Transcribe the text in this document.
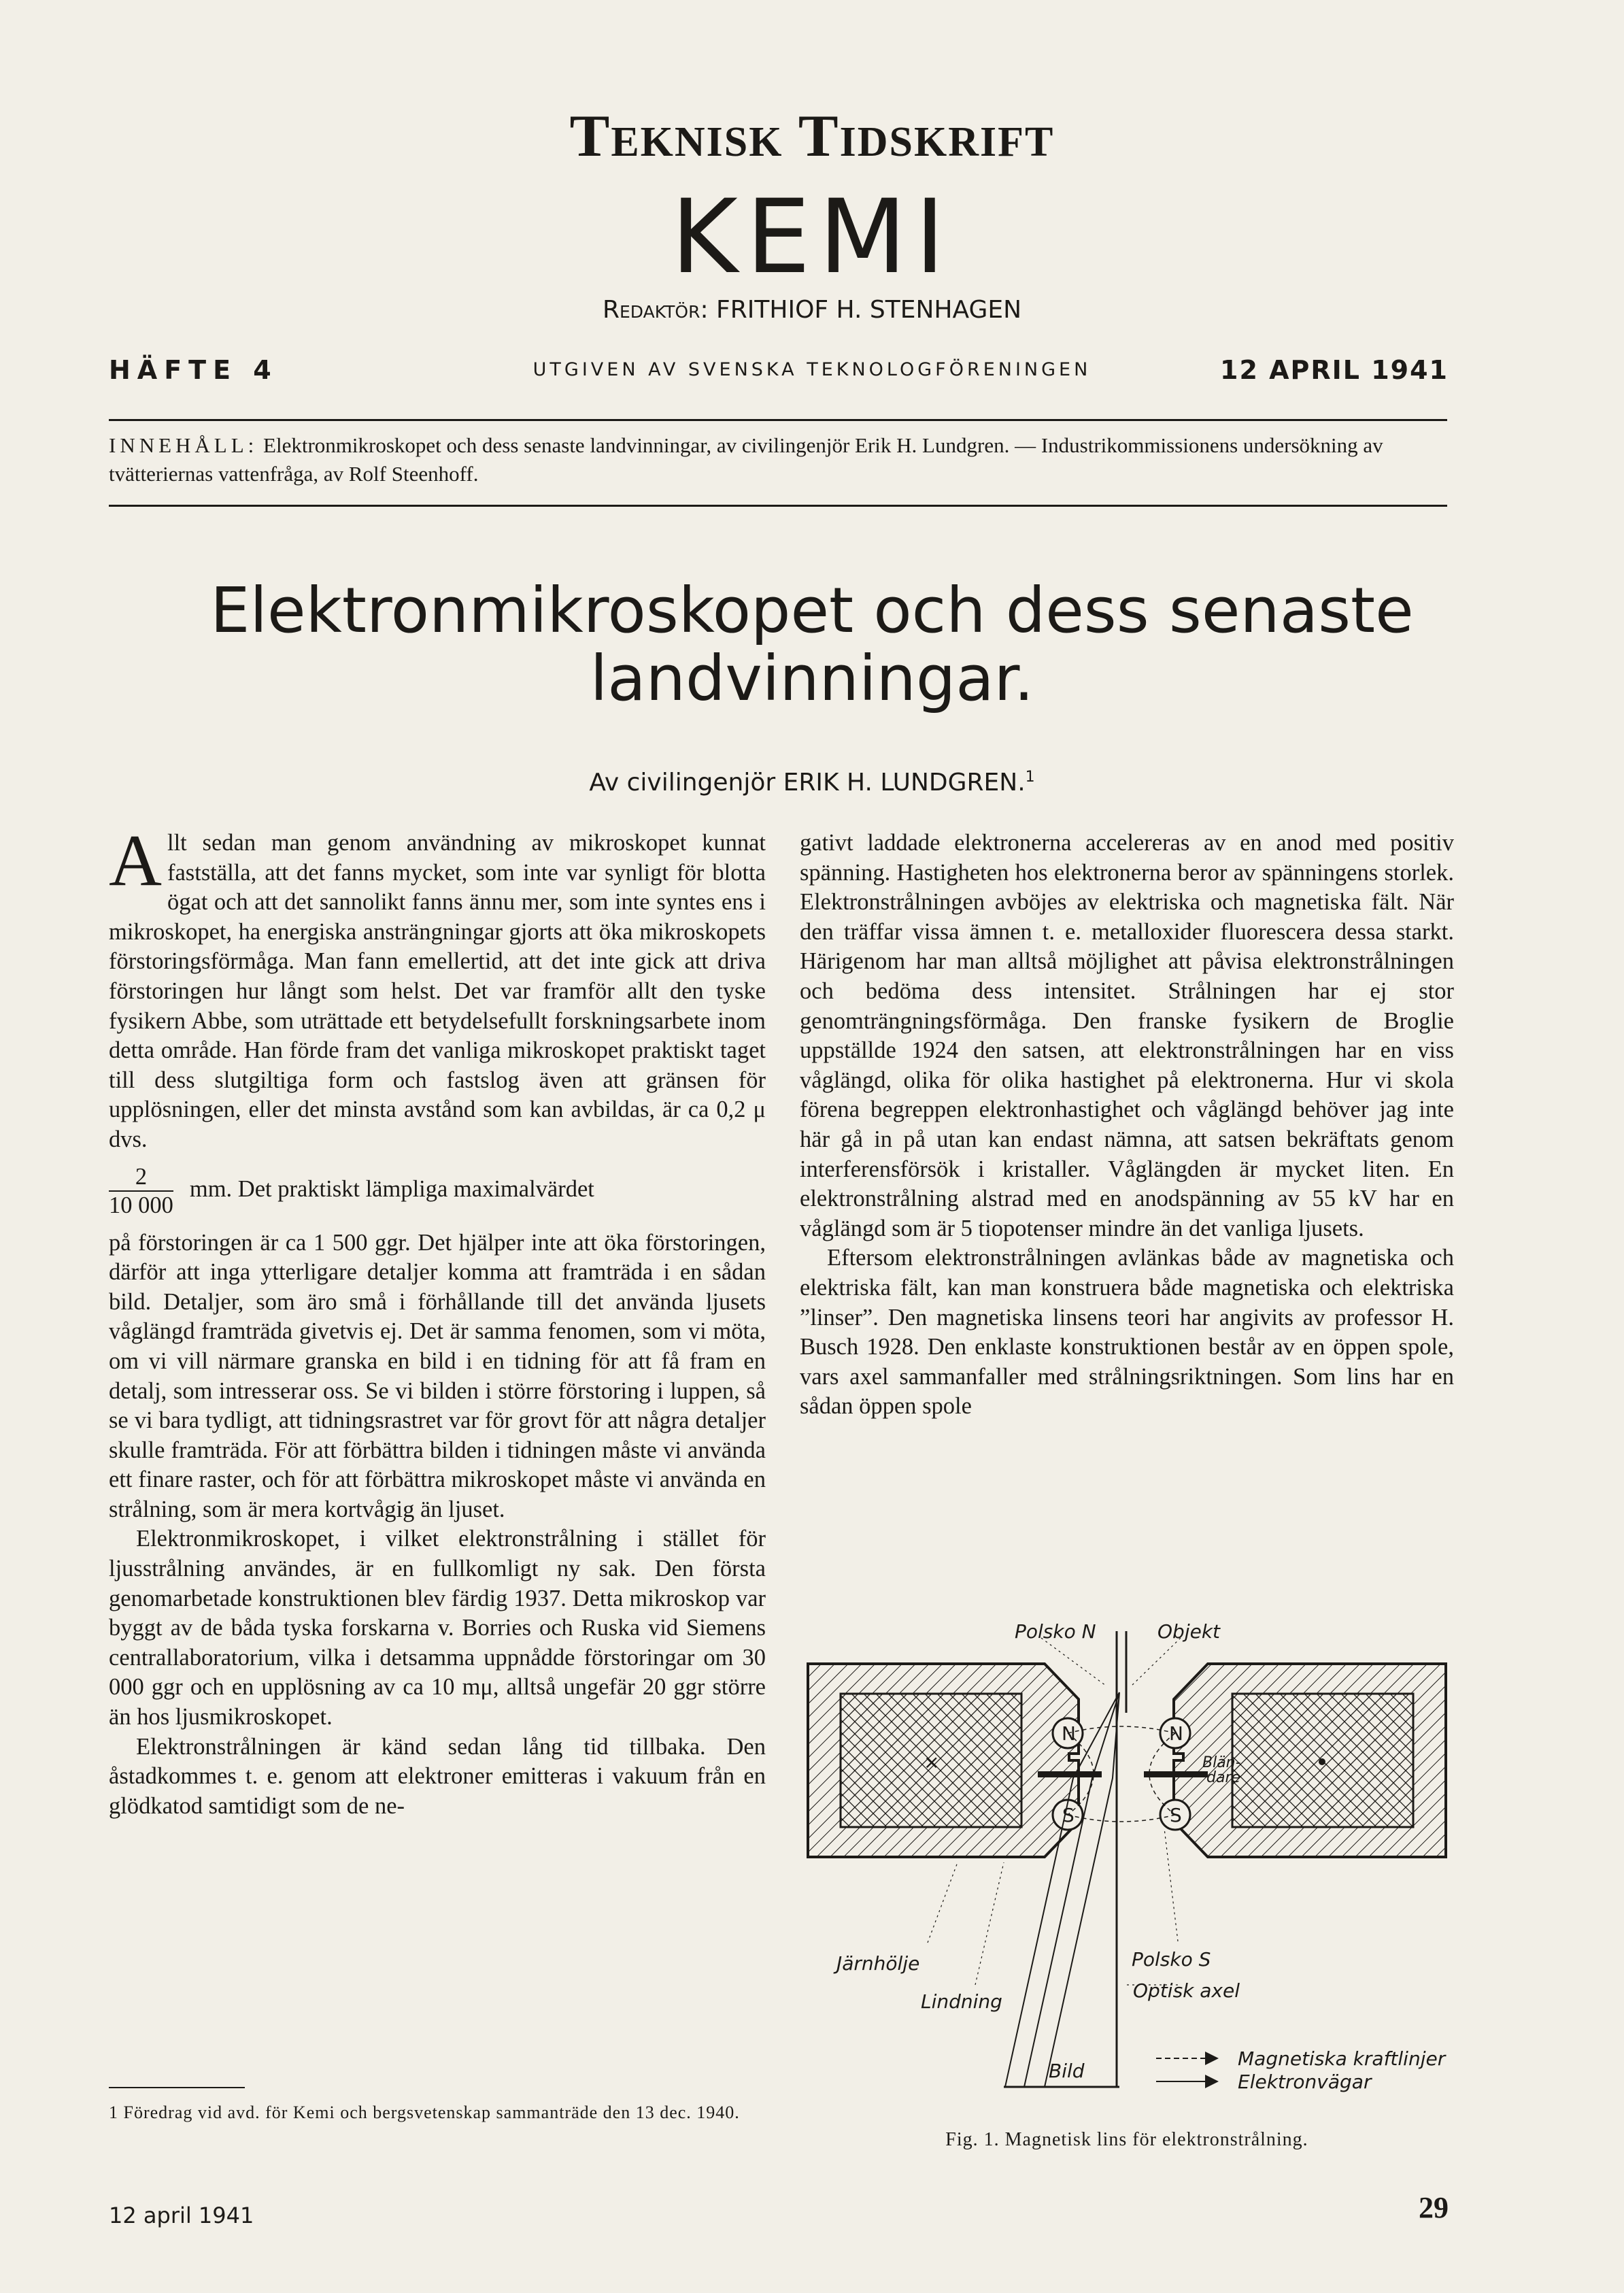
Teknisk Tidskrift
KEMI
Redaktör: FRITHIOF H. STENHAGEN
HÄFTE 4	UTGIVEN AV SVENSKA TEKNOLOGFÖRENINGEN	12 APRIL 1941
INNEHÅLL: Elektronmikroskopet och dess senaste landvinningar, av civilingenjör Erik H. Lundgren. — Industrikommissionens undersökning av tvätteriernas vattenfråga, av Rolf Steenhoff.
Elektronmikroskopet och dess senaste landvinningar.
Av civilingenjör ERIK H. LUNDGREN.$^1$

Allt sedan man genom användning av mikroskopet kunnat fastställa, att det fanns mycket, som inte var synligt för blotta ögat och att det sannolikt fanns ännu mer, som inte syntes ens i mikroskopet, ha energiska ansträngningar gjorts att öka mikroskopets förstoringsförmåga. Man fann emellertid, att det inte gick att driva förstoringen hur långt som helst. Det var framför allt den tyske fysikern Abbe, som uträttade ett betydelsefullt forskningsarbete inom detta område. Han förde fram det vanliga mikroskopet praktiskt taget till dess slutgiltiga form och fastslog även att gränsen för upplösningen, eller det minsta avstånd som kan avbildas, är ca 0,2 μ dvs.

$\frac{2}{10 000}$ mm. Det praktiskt lämpliga maximalvärdet

på förstoringen är ca 1 500 ggr. Det hjälper inte att öka förstoringen, därför att inga ytterligare detaljer komma att framträda i en sådan bild. Detaljer, som äro små i förhållande till det använda ljusets våglängd framträda givetvis ej. Det är samma fenomen, som vi möta, om vi vill närmare granska en bild i en tidning för att få fram en detalj, som intresserar oss. Se vi bilden i större förstoring i luppen, så se vi bara tydligt, att tidningsrastret var för grovt för att några detaljer skulle framträda. För att förbättra bilden i tidningen måste vi använda ett finare raster, och för att förbättra mikroskopet måste vi använda en strålning, som är mera kortvågig än ljuset.

Elektronmikroskopet, i vilket elektronstrålning i stället för ljusstrålning användes, är en fullkomligt ny sak. Den första genomarbetade konstruktionen blev färdig 1937. Detta mikroskop var byggt av de båda tyska forskarna v. Borries och Ruska vid Siemens centrallaboratorium, vilka i detsamma uppnådde förstoringar om 30 000 ggr och en upplösning av ca 10 mμ, alltså ungefär 20 ggr större än hos ljusmikroskopet.

Elektronstrålningen är känd sedan lång tid tillbaka. Den åstadkommes t. e. genom att elektroner emitteras i vakuum från en glödkatod samtidigt som de ne-

gativt laddade elektronerna accelereras av en anod med positiv spänning. Hastigheten hos elektronerna beror av spänningens storlek. Elektronstrålningen avböjes av elektriska och magnetiska fält. När den träffar vissa ämnen t. e. metalloxider fluorescera dessa starkt. Härigenom har man alltså möjlighet att påvisa elektronstrålningen och bedöma dess intensitet. Strålningen har ej stor genomträngningsförmåga. Den franske fysikern de Broglie uppställde 1924 den satsen, att elektronstrålningen har en viss våglängd, olika för olika hastighet på elektronerna. Hur vi skola förena begreppen elektronhastighet och våglängd behöver jag inte här gå in på utan kan endast nämna, att satsen bekräftats genom interferensförsök i kristaller. Våglängden är mycket liten. En elektronstrålning alstrad med en anodspänning av 55 kV har en våglängd som är 5 tiopotenser mindre än det vanliga ljusets.

Eftersom elektronstrålningen avlänkas både av magnetiska och elektriska fält, kan man konstruera både magnetiska och elektriska ”linser”. Den magnetiska linsens teori har angivits av professor H. Busch 1928. Den enklaste konstruktionen består av en öppen spole, vars axel sammanfaller med strålningsriktningen. Som lins har en sådan öppen spole

1 Föredrag vid avd. för Kemi och bergsvetenskap sammanträde den 13 dec. 1940.
×
N
S
N
S
Polsko N	Objekt
Blän-
dare
Järnhölje
Lindning
Polsko S
Optisk axel
Bild
Magnetiska kraftlinjer
Elektronvägar
Fig. 1. Magnetisk lins för elektronstrålning.
12 april 1941	29
